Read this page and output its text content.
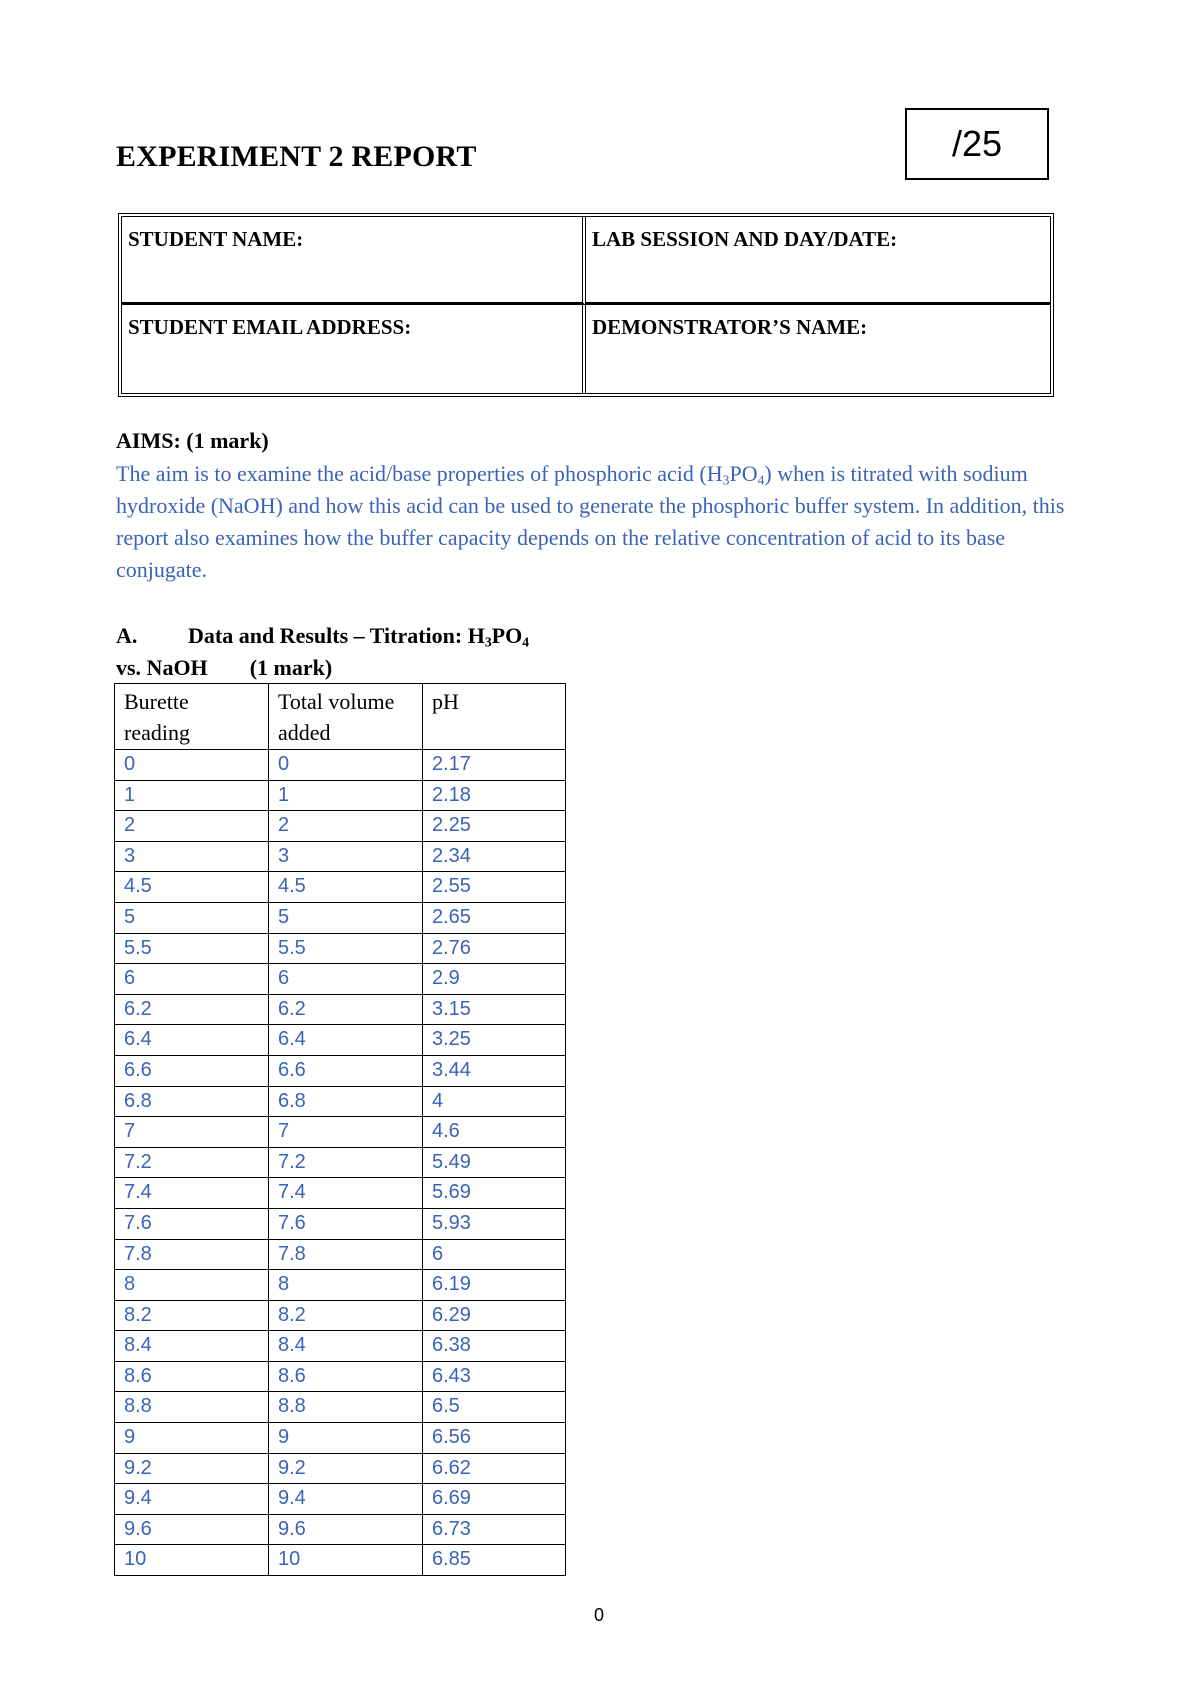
EXPERIMENT 2 REPORT	/25
STUDENT NAME:	LAB SESSION AND DAY/DATE:
STUDENT EMAIL ADDRESS:	DEMONSTRATOR’S NAME:
AIMS: (1 mark)
The aim is to examine the acid/base properties of phosphoric acid $(H_3PO_4)$ when is titrated with sodium hydroxide (NaOH) and how this acid can be used to generate the phosphoric buffer system. In addition, this report also examines how the buffer capacity depends on the relative concentration of acid to its base conjugate.
A. Data and Results – Titration: $H_3PO_4$
vs. NaOH (1 mark)
Burette reading	Total volume added	pH
0	0	2.17
1	1	2.18
2	2	2.25
3	3	2.34
4.5	4.5	2.55
5	5	2.65
5.5	5.5	2.76
6	6	2.9
6.2	6.2	3.15
6.4	6.4	3.25
6.6	6.6	3.44
6.8	6.8	4
7	7	4.6
7.2	7.2	5.49
7.4	7.4	5.69
7.6	7.6	5.93
7.8	7.8	6
8	8	6.19
8.2	8.2	6.29
8.4	8.4	6.38
8.6	8.6	6.43
8.8	8.8	6.5
9	9	6.56
9.2	9.2	6.62
9.4	9.4	6.69
9.6	9.6	6.73
10	10	6.85
0
